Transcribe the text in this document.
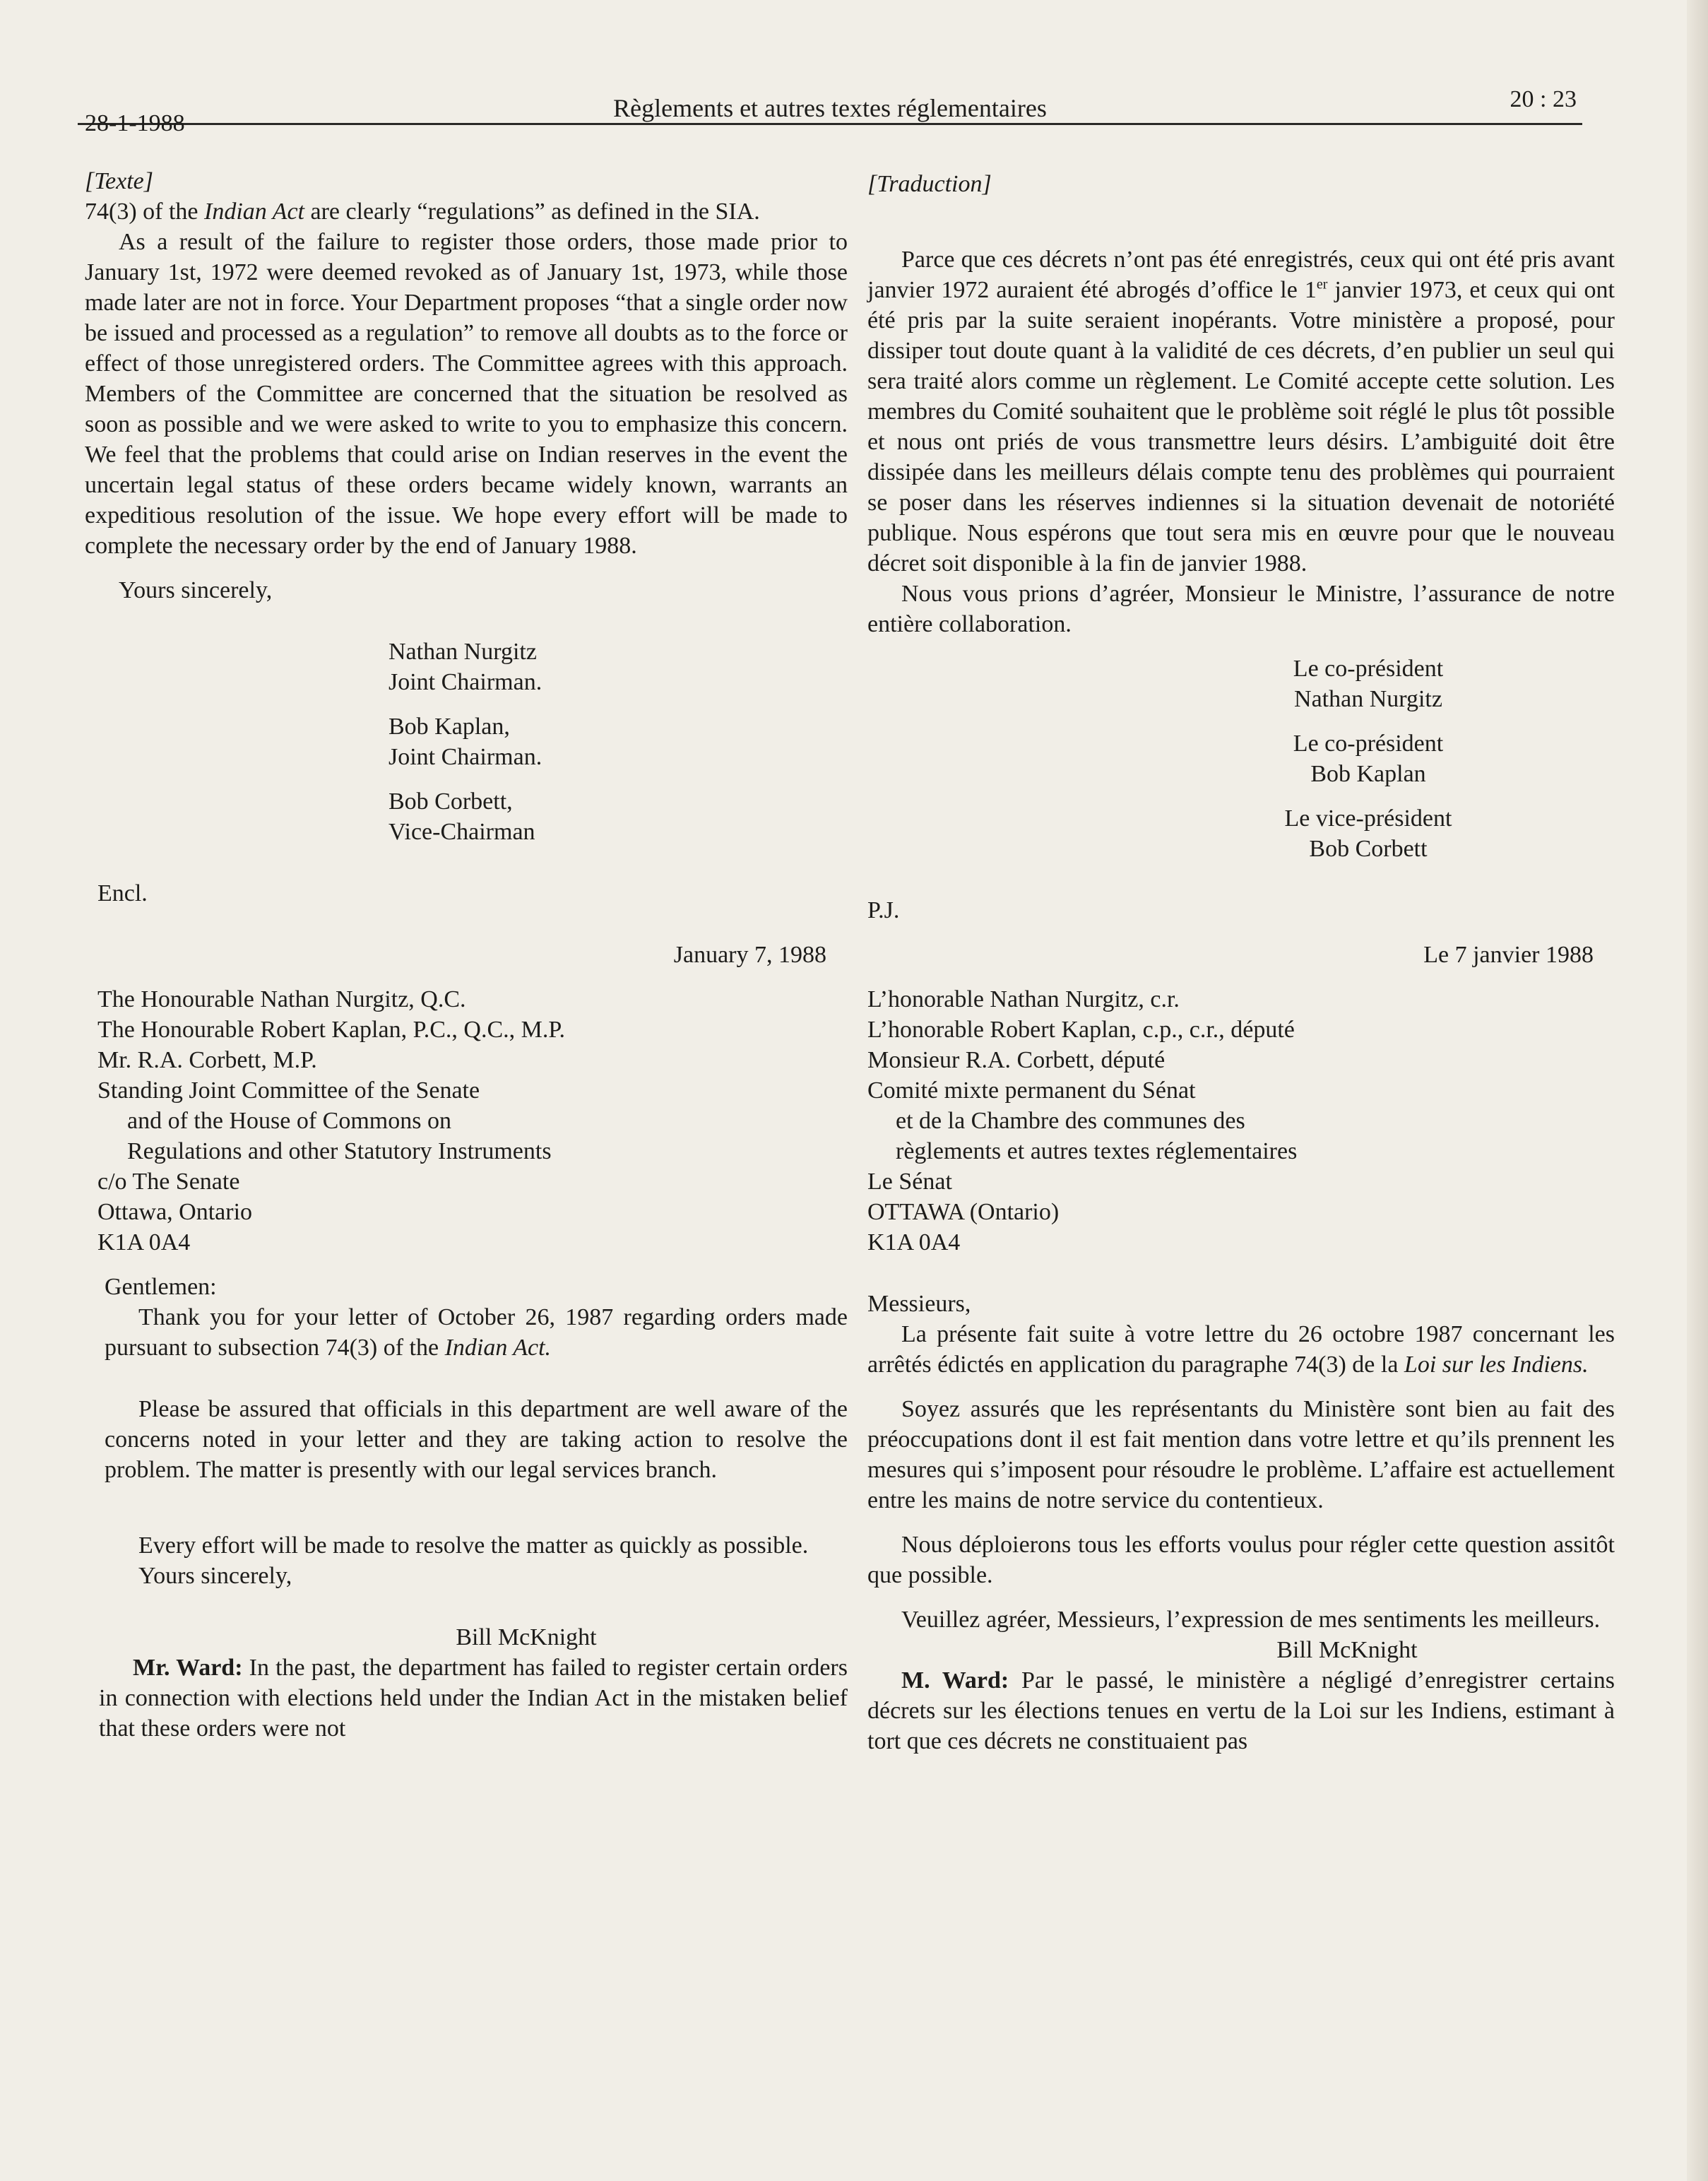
28-1-1988
Règlements et autres textes réglementaires	20 : 23

[Texte]

74(3) of the Indian Act are clearly “regulations” as defined in the SIA.

As a result of the failure to register those orders, those made prior to January 1st, 1972 were deemed revoked as of January 1st, 1973, while those made later are not in force. Your Department proposes “that a single order now be issued and processed as a regulation” to remove all doubts as to the force or effect of those unregistered orders. The Committee agrees with this approach. Members of the Committee are concerned that the situation be resolved as soon as possible and we were asked to write to you to emphasize this concern. We feel that the problems that could arise on Indian reserves in the event the uncertain legal status of these orders became widely known, warrants an expeditious resolution of the issue. We hope every effort will be made to complete the necessary order by the end of January 1988.

Yours sincerely,

Nathan Nurgitz

Joint Chairman.

Bob Kaplan,

Joint Chairman.

Bob Corbett,

Vice-Chairman

Encl.

January 7, 1988

The Honourable Nathan Nurgitz, Q.C.

The Honourable Robert Kaplan, P.C., Q.C., M.P.

Mr. R.A. Corbett, M.P.

Standing Joint Committee of the Senate

and of the House of Commons on

Regulations and other Statutory Instruments

c/o The Senate

Ottawa, Ontario

K1A 0A4

Gentlemen:

Thank you for your letter of October 26, 1987 regarding orders made pursuant to subsection 74(3) of the Indian Act.

Please be assured that officials in this department are well aware of the concerns noted in your letter and they are taking action to resolve the problem. The matter is presently with our legal services branch.

Every effort will be made to resolve the matter as quickly as possible.

Yours sincerely,

Bill McKnight

Mr. Ward: In the past, the department has failed to register certain orders in connection with elections held under the Indian Act in the mistaken belief that these orders were not

[Traduction]

Parce que ces décrets n’ont pas été enregistrés, ceux qui ont été pris avant janvier 1972 auraient été abrogés d’office le 1er janvier 1973, et ceux qui ont été pris par la suite seraient inopérants. Votre ministère a proposé, pour dissiper tout doute quant à la validité de ces décrets, d’en publier un seul qui sera traité alors comme un règlement. Le Comité accepte cette solution. Les membres du Comité souhaitent que le problème soit réglé le plus tôt possible et nous ont priés de vous transmettre leurs désirs. L’ambiguité doit être dissipée dans les meilleurs délais compte tenu des problèmes qui pourraient se poser dans les réserves indiennes si la situation devenait de notoriété publique. Nous espérons que tout sera mis en œuvre pour que le nouveau décret soit disponible à la fin de janvier 1988.

Nous vous prions d’agréer, Monsieur le Ministre, l’assurance de notre entière collaboration.

Le co-président

Nathan Nurgitz

Le co-président

Bob Kaplan

Le vice-président

Bob Corbett

P.J.

Le 7 janvier 1988

L’honorable Nathan Nurgitz, c.r.

L’honorable Robert Kaplan, c.p., c.r., député

Monsieur R.A. Corbett, député

Comité mixte permanent du Sénat

et de la Chambre des communes des

règlements et autres textes réglementaires

Le Sénat

OTTAWA (Ontario)

K1A 0A4

Messieurs,

La présente fait suite à votre lettre du 26 octobre 1987 concernant les arrêtés édictés en application du paragraphe 74(3) de la Loi sur les Indiens.

Soyez assurés que les représentants du Ministère sont bien au fait des préoccupations dont il est fait mention dans votre lettre et qu’ils prennent les mesures qui s’imposent pour résoudre le problème. L’affaire est actuellement entre les mains de notre service du contentieux.

Nous déploierons tous les efforts voulus pour régler cette question assitôt que possible.

Veuillez agréer, Messieurs, l’expression de mes sentiments les meilleurs.

Bill McKnight

M. Ward: Par le passé, le ministère a négligé d’enregistrer certains décrets sur les élections tenues en vertu de la Loi sur les Indiens, estimant à tort que ces décrets ne constituaient pas
